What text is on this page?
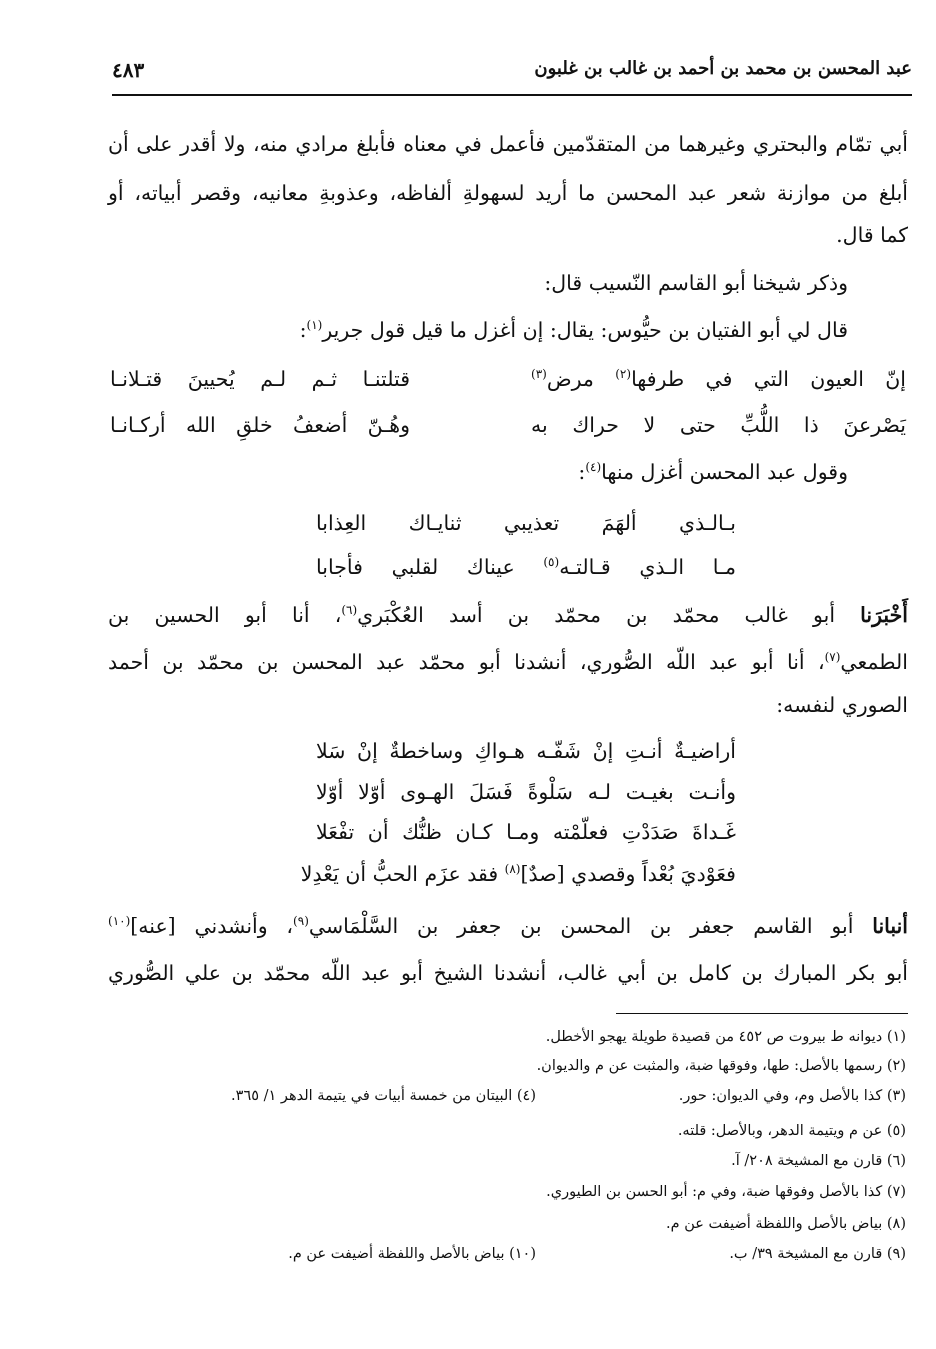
عبد المحسن بن محمد بن أحمد بن غالب بن غلبون
٤٨٣
أبي تمّام والبحتري وغيرهما من المتقدّمين فأعمل في معناه فأبلغ مرادي منه، ولا أقدر على أن
أبلغ من موازنة شعر عبد المحسن ما أريد لسهولةِ ألفاظه، وعذوبةِ معانيه، وقصر أبياته، أو
كما قال.
وذكر شيخنا أبو القاسم النّسيب قال:
قال لي أبو الفتيان بن حيُّوس: يقال: إن أغزل ما قيل قول جرير$^{(١)}$:
إنّ العيون التي في طرفها$^{(٢)}$ مرض$^{(٣)}$
قتلتنـا ثـم لـم يُحيينَ قتـلانـا
يَصْرعنَ ذا اللُّبِّ حتى لا حراك به
وهُـنّ أضعفُ خلقِ الله أركـانـا
وقول عبد المحسن أغزل منها$^{(٤)}$:
بـالـذي ألهَمَ تعذيبي ثنايـاك العِذابا
مـا الـذي قـالتـه$^{(٥)}$ عيناك لقلبي فأجابا
أَخْبَرَنا أبو غالب محمّد بن محمّد بن أسد العُكْبَري$^{(٦)}$، أنا أبو الحسين بن
الطمعي$^{(٧)}$، أنا أبو عبد اللّه الصُّوري، أنشدنا أبو محمّد عبد المحسن بن محمّد بن أحمد
الصوري لنفسه:
أراضيـةٌ أنـتِ إنْ شَفّـه هـواكِ وساخطةٌ إنْ سَلا
وأنـت بغيـت لـه سَلْوةً فَسَلَ الهـوى أوّلا أوّلا
غَـداةَ صَدَدْتِ فعلّمْته ومـا كـان ظنُّك أن تفْعَلا
فعَوْديَ بُعْداً وقصدي [صدٌ]$^{(٨)}$ فقد عزَم الحبُّ أن يَعْدِلا
أنبانا أبو القاسم جعفر بن المحسن بن جعفر بن السَّلْمَاسي$^{(٩)}$، وأنشدني [عنه]$^{(١٠)}$
أبو بكر المبارك بن كامل بن أبي غالب، أنشدنا الشيخ أبو عبد اللّه محمّد بن علي الصُّوري
(١) ديوانه ط بيروت ص ٤٥٢ من قصيدة طويلة يهجو الأخطل.
(٢) رسمها بالأصل: طها، وفوقها ضبة، والمثبت عن م والديوان.
(٣) كذا بالأصل وم، وفي الديوان: حور.
(٤) البيتان من خمسة أبيات في يتيمة الدهر ١/ ٣٦٥.
(٥) عن م ويتيمة الدهر، وبالأصل: قلته.
(٦) قارن مع المشيخة ٢٠٨/ آ.
(٧) كذا بالأصل وفوقها ضبة، وفي م: أبو الحسن بن الطيوري.
(٨) بياض بالأصل واللفظة أضيفت عن م.
(٩) قارن مع المشيخة ٣٩/ ب.
(١٠) بياض بالأصل واللفظة أضيفت عن م.
